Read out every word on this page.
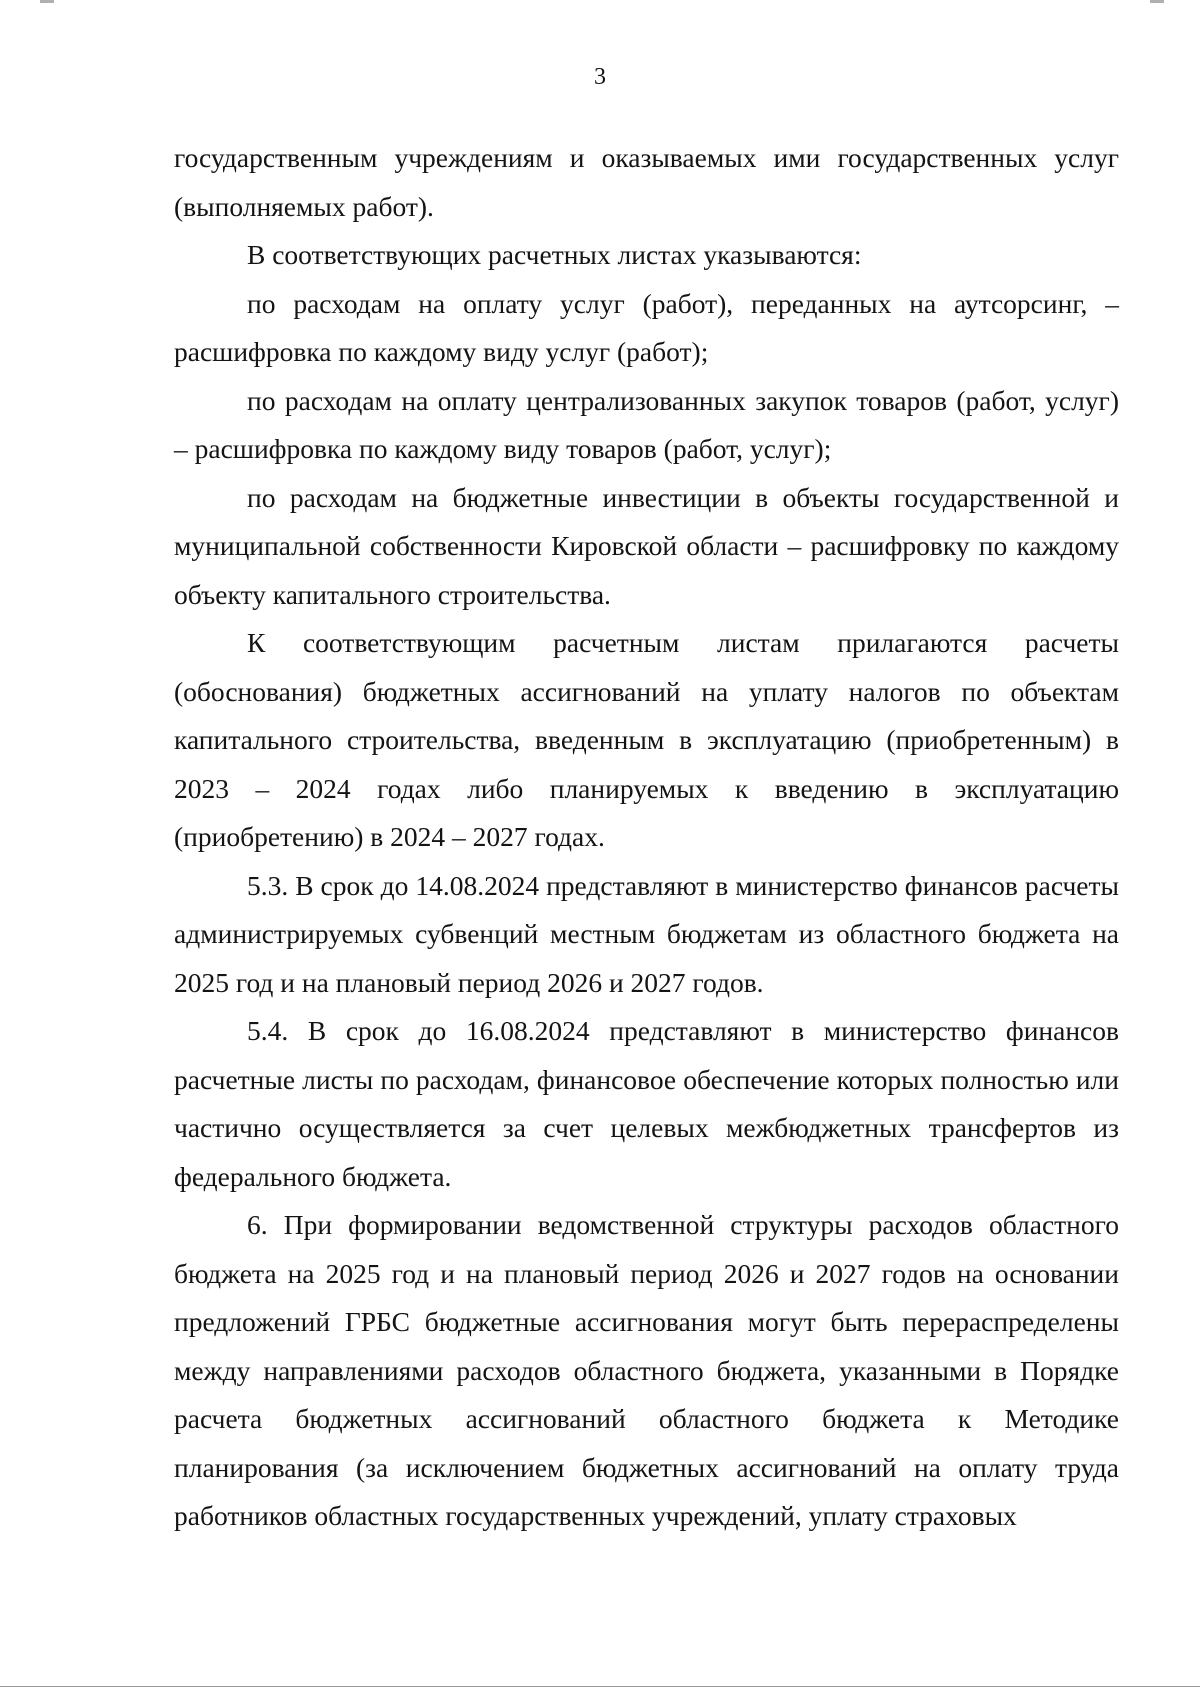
3

государственным учреждениям и оказываемых ими государственных услуг (выполняемых работ).

В соответствующих расчетных листах указываются:

по расходам на оплату услуг (работ), переданных на аутсорсинг, – расшифровка по каждому виду услуг (работ);

по расходам на оплату централизованных закупок товаров (работ, услуг) – расшифровка по каждому виду товаров (работ, услуг);

по расходам на бюджетные инвестиции в объекты государственной и муниципальной собственности Кировской области – расшифровку по каждому объекту капитального строительства.

К соответствующим расчетным листам прилагаются расчеты (обоснования) бюджетных ассигнований на уплату налогов по объектам капитального строительства, введенным в эксплуатацию (приобретенным) в 2023 – 2024 годах либо планируемых к введению в эксплуатацию (приобретению) в 2024 – 2027 годах.

5.3. В срок до 14.08.2024 представляют в министерство финансов расчеты администрируемых субвенций местным бюджетам из областного бюджета на 2025 год и на плановый период 2026 и 2027 годов.

5.4. В срок до 16.08.2024 представляют в министерство финансов расчетные листы по расходам, финансовое обеспечение которых полностью или частично осуществляется за счет целевых межбюджетных трансфертов из федерального бюджета.

6. При формировании ведомственной структуры расходов областного бюджета на 2025 год и на плановый период 2026 и 2027 годов на основании предложений ГРБС бюджетные ассигнования могут быть перераспределены между направлениями расходов областного бюджета, указанными в Порядке расчета бюджетных ассигнований областного бюджета к Методике планирования (за исключением бюджетных ассигнований на оплату труда работников областных государственных учреждений, уплату страховых
